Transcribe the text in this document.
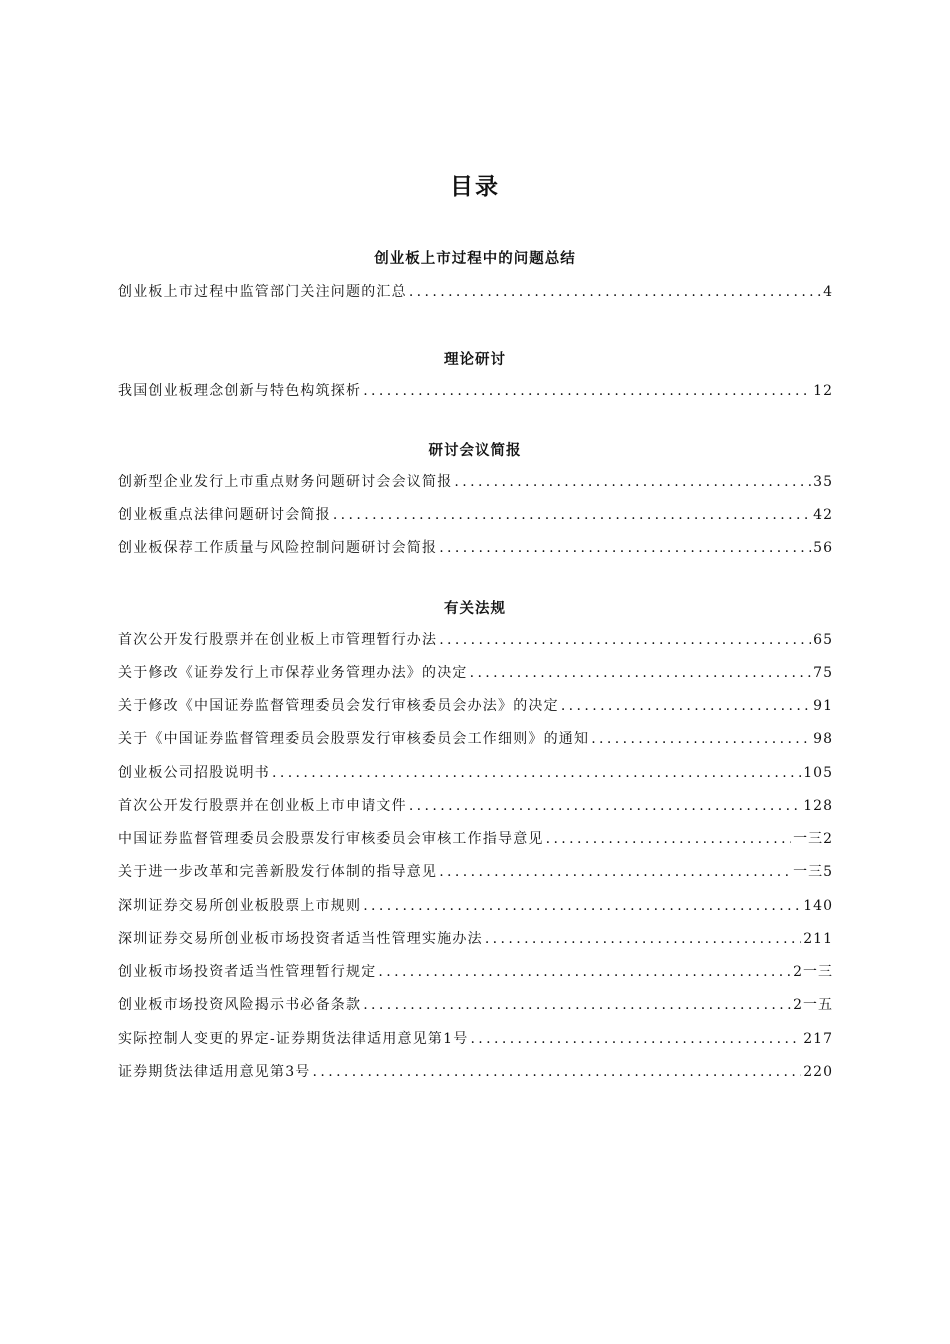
目录
创业板上市过程中的问题总结
创业板上市过程中监管部门关注问题的汇总 .....	4
理论研讨
我国创业板理念创新与特色构筑探析 .....	12
研讨会议简报
创新型企业发行上市重点财务问题研讨会会议简报 .....	35
创业板重点法律问题研讨会简报 .....	42
创业板保荐工作质量与风险控制问题研讨会简报 .....	56
有关法规
首次公开发行股票并在创业板上市管理暂行办法 .....	65
关于修改《证券发行上市保荐业务管理办法》的决定 .....	75
关于修改《中国证券监督管理委员会发行审核委员会办法》的决定 .....	91
关于《中国证券监督管理委员会股票发行审核委员会工作细则》的通知 .....	98
创业板公司招股说明书 .....	105
首次公开发行股票并在创业板上市申请文件 .....	128
中国证券监督管理委员会股票发行审核委员会审核工作指导意见 .....	一三2
关于进一步改革和完善新股发行体制的指导意见 .....	一三5
深圳证券交易所创业板股票上市规则 .....	140
深圳证券交易所创业板市场投资者适当性管理实施办法 .....	211
创业板市场投资者适当性管理暂行规定 .....	2一三
创业板市场投资风险揭示书必备条款 .....	2一五
实际控制人变更的界定-证券期货法律适用意见第1号 .....	217
证券期货法律适用意见第3号 .....	220
